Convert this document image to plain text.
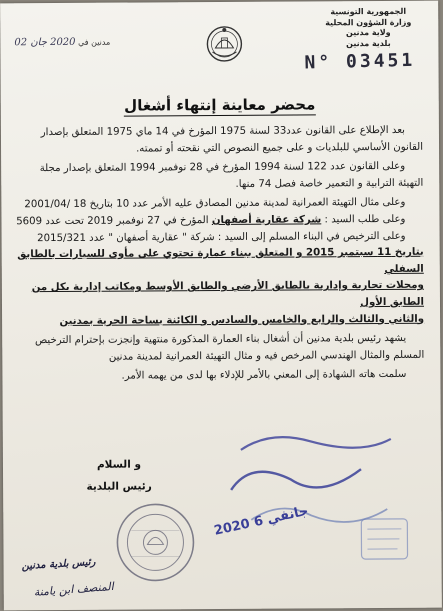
الجمهورية التونسية
وزارة الشؤون المحلية
ولاية مدنين
بلدية مدنين
مدنين في 2020 جان 02
N° 03451
محضر معاينة إنتهاء أشغال

بعد الإطلاع على القانون عدد33 لسنة 1975 المؤرخ في 14 ماي 1975 المتعلق بإصدار

القانون الأساسي للبلديات و على جميع النصوص التي نقحته أو تممته.

وعلى القانون عدد 122 لسنة 1994 المؤرخ في 28 نوفمبر 1994 المتعلق بإصدار مجلة

التهيئة الترابية و التعمير خاصة فصل 74 منها.

وعلى مثال التهيئة العمرانية لمدينة مدنين المصادق عليه الأمر عدد 10 بتاريخ 18 /2001/04

وعلى طلب السيد : شركة عقارية أصفهان المؤرخ في 27 نوفمبر 2019 تحت عدد 5609

وعلى الترخيص في البناء المسلم إلى السيد : شركة " عقارية أصفهان " عدد 2015/321

بتاريخ 11 سبتمبر 2015 و المتعلق ببناء عمارة تحتوي على مأوى للسيارات بالطابق السفلي

ومحلات تجارية وإدارية بالطابق الأرضي والطابق الأوسط ومكاتب إدارية بكل من الطابق الأول

والثاني والثالث والرابع والخامس والسادس و الكائنة بساحة الحرية بمدنين

يشهد رئيس بلدية مدنين أن أشغال بناء العمارة المذكورة منتهية وإنجزت بإحترام الترخيص

المسلم والمثال الهندسي المرخص فيه و مثال التهيئة العمرانية لمدينة مدنين

سلمت هاته الشهادة إلى المعني بالأمر للإدلاء بها لدى من يهمه الأمر.

و السلام
رئيس البلدية
رئيس بلدية مدنين
المنصف ابن يامنة
2020 جانفي 6
